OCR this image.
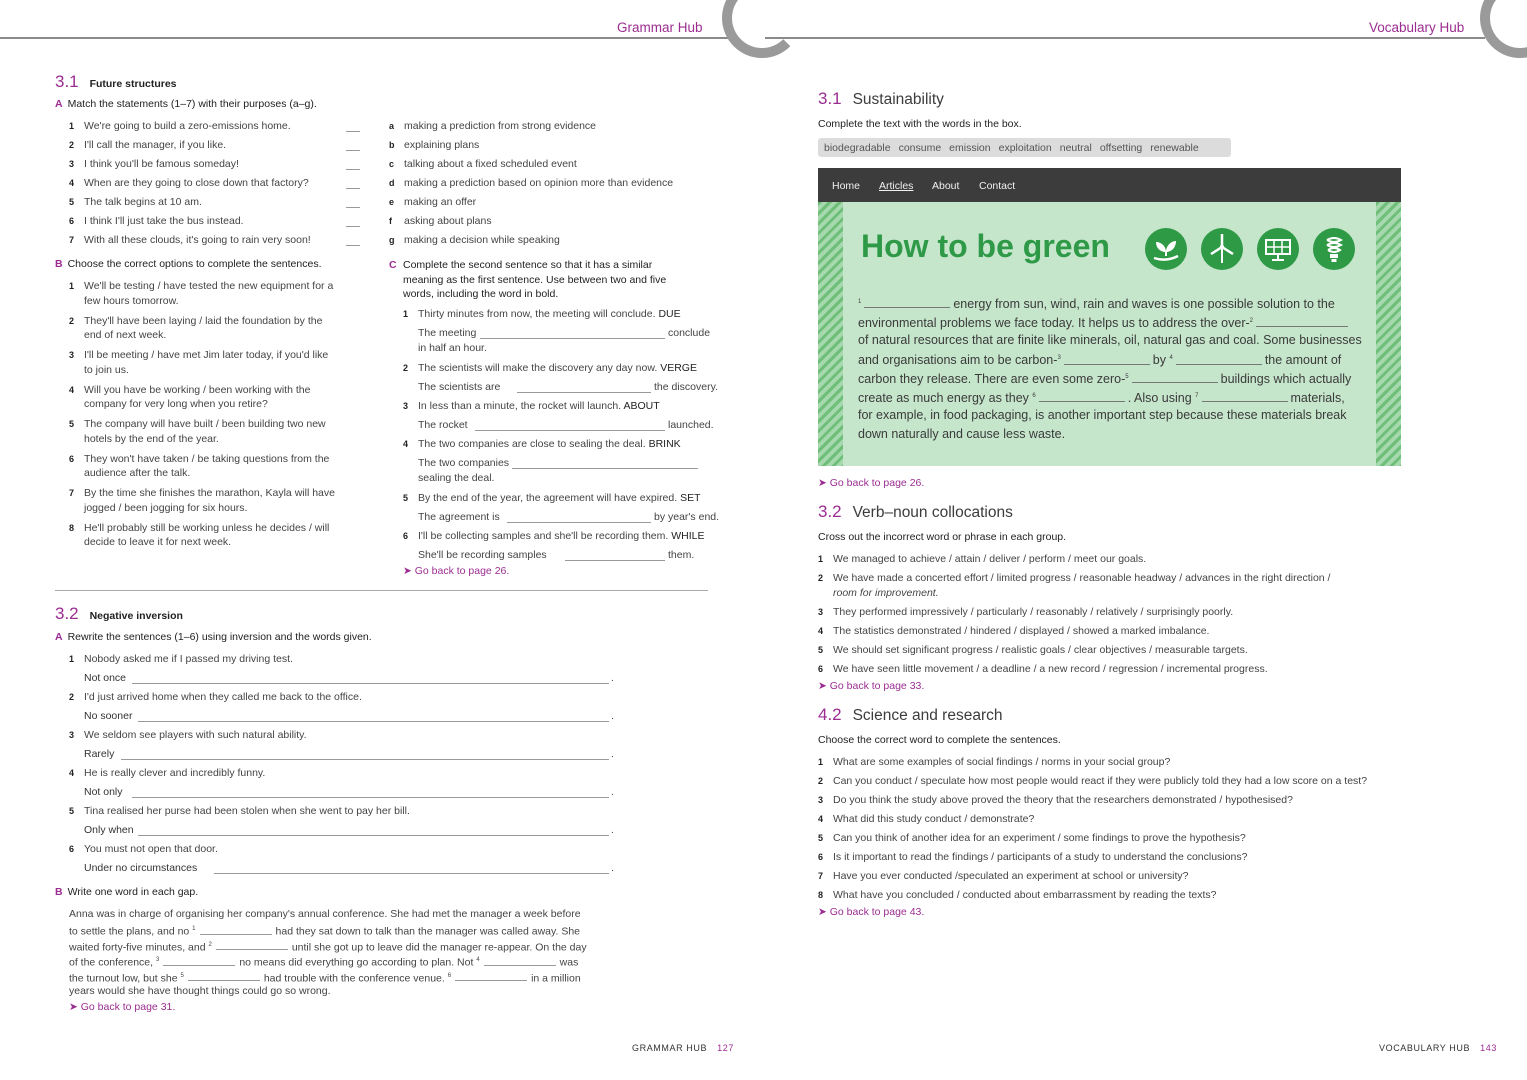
Grammar Hub	Vocabulary Hub
3.1 Future structures
A Match the statements (1–7) with their purposes (a–g).
B Choose the correct options to complete the sentences.	C Complete the second sentence so that it has a similar
meaning as the first sentence. Use between two and five
words, including the word in bold.
➤ Go back to page 26.
3.2 Negative inversion
A Rewrite the sentences (1–6) using inversion and the words given.
B Write one word in each gap.
➤ Go back to page 31.
GRAMMAR HUB 127	VOCABULARY HUB 143
3.1 Sustainability
Complete the text with the words in the box.
biodegradable consume emission exploitation neutral offsetting renewable
Home Articles About Contact
How to be green
$^1$	energy from sun, wind, rain and waves is one possible solution to the
environmental problems we face today. It helps us to address the over-$^2$
of natural resources that are finite like minerals, oil, natural gas and coal. Some businesses
and organisations aim to be carbon-$^3$	by $^4$	the amount of
carbon they release. There are even some zero-$^5$	buildings which actually
create as much energy as they $^6$	. Also using $^7$	materials,
for example, in food packaging, is another important step because these materials break
down naturally and cause less waste.
➤ Go back to page 26.
3.2 Verb–noun collocations
Cross out the incorrect word or phrase in each group.
➤ Go back to page 33.
4.2 Science and research
Choose the correct word to complete the sentences.
➤ Go back to page 43.
1 We're going to build a zero-emissions home.
2 I'll call the manager, if you like.
3 I think you'll be famous someday!
4 When are they going to close down that factory?
5 The talk begins at 10 am.
6 I think I'll just take the bus instead.
7 With all these clouds, it's going to rain very soon!
a making a prediction from strong evidence
b explaining plans
c talking about a fixed scheduled event
d making a prediction based on opinion more than evidence
e making an offer
f asking about plans
g making a decision while speaking
1 We'll be testing / have tested the new equipment for a
few hours tomorrow.
2 They'll have been laying / laid the foundation by the
end of next week.
3 I'll be meeting / have met Jim later today, if you'd like
to join us.
4 Will you have be working / been working with the
company for very long when you retire?
5 The company will have built / been building two new
hotels by the end of the year.
6 They won't have taken / be taking questions from the
audience after the talk.
7 By the time she finishes the marathon, Kayla will have
jogged / been jogging for six hours.
8 He'll probably still be working unless he decides / will
decide to leave it for next week.
1 Thirty minutes from now, the meeting will conclude. DUE
The meeting	conclude
in half an hour.
2 The scientists will make the discovery any day now. VERGE
The scientists are	the discovery.
3 In less than a minute, the rocket will launch. ABOUT
The rocket	launched.
4 The two companies are close to sealing the deal. BRINK
The two companies
sealing the deal.
5 By the end of the year, the agreement will have expired. SET
The agreement is	by year's end.
6 I'll be collecting samples and she'll be recording them. WHILE
She'll be recording samples	them.
1 Nobody asked me if I passed my driving test.
Not once	.
2 I'd just arrived home when they called me back to the office.
No sooner	.
3 We seldom see players with such natural ability.
Rarely	.
4 He is really clever and incredibly funny.
Not only	.
5 Tina realised her purse had been stolen when she went to pay her bill.
Only when	.
6 You must not open that door.
Under no circumstances	.
Anna was in charge of organising her company's annual conference. She had met the manager a week before
to settle the plans, and no $^1$	had they sat down to talk than the manager was called away. She
waited forty-five minutes, and $^2$	until she got up to leave did the manager re-appear. On the day
of the conference, $^3$	no means did everything go according to plan. Not $^4$	was
the turnout low, but she $^5$	had trouble with the conference venue. $^6$	in a million
years would she have thought things could go so wrong.
1 We managed to achieve / attain / deliver / perform / meet our goals.
2 We have made a concerted effort / limited progress / reasonable headway / advances in the right direction /
room for improvement.
3 They performed impressively / particularly / reasonably / relatively / surprisingly poorly.
4 The statistics demonstrated / hindered / displayed / showed a marked imbalance.
5 We should set significant progress / realistic goals / clear objectives / measurable targets.
6 We have seen little movement / a deadline / a new record / regression / incremental progress.
1 What are some examples of social findings / norms in your social group?
2 Can you conduct / speculate how most people would react if they were publicly told they had a low score on a test?
3 Do you think the study above proved the theory that the researchers demonstrated / hypothesised?
4 What did this study conduct / demonstrate?
5 Can you think of another idea for an experiment / some findings to prove the hypothesis?
6 Is it important to read the findings / participants of a study to understand the conclusions?
7 Have you ever conducted /speculated an experiment at school or university?
8 What have you concluded / conducted about embarrassment by reading the texts?
